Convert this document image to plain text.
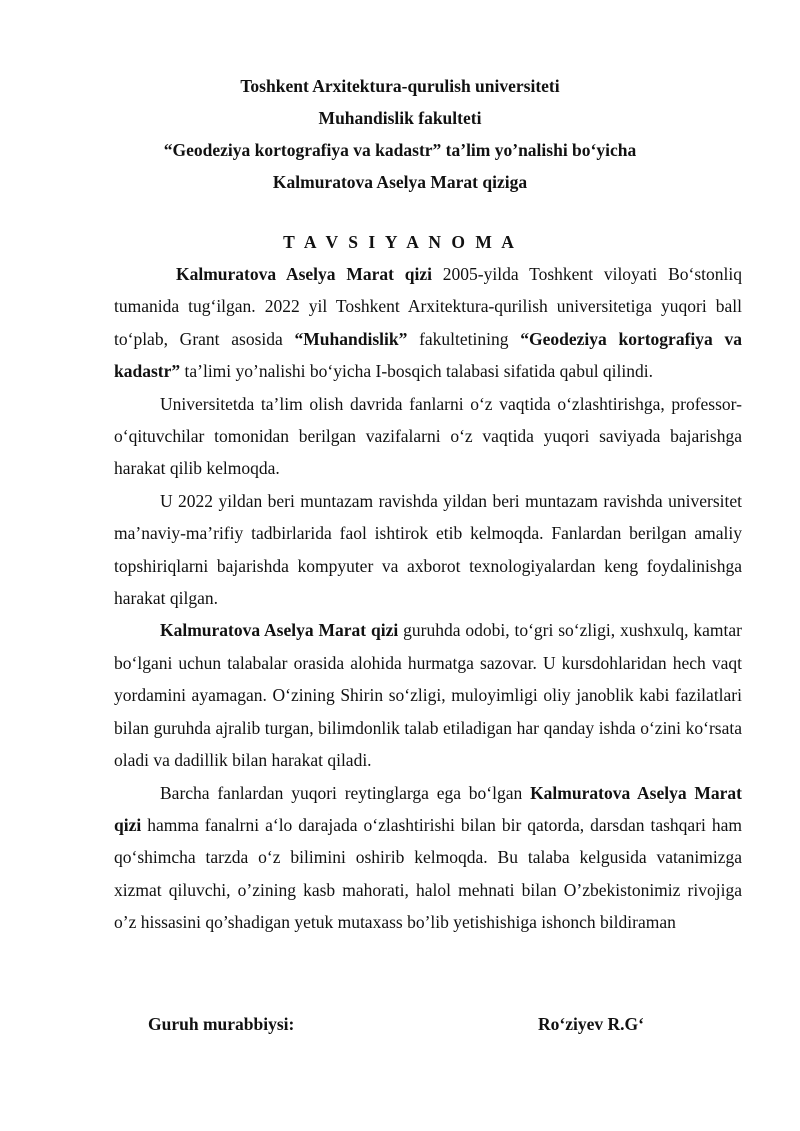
Toshkent Arxitektura-qurulish universiteti
Muhandislik fakulteti
“Geodeziya kortografiya va kadastr” ta’lim yo’nalishi bo‘yicha
Kalmuratova Aselya Marat qiziga
T A V S I Y A N O M A

Kalmuratova Aselya Marat qizi 2005-yilda Toshkent viloyati Bo‘stonliq tumanida tug‘ilgan. 2022 yil Toshkent Arxitektura-qurilish universitetiga yuqori ball to‘plab, Grant asosida “Muhandislik” fakultetining “Geodeziya kortografiya va kadastr” ta’limi yo’nalishi bo‘yicha I-bosqich talabasi sifatida qabul qilindi.

Universitetda ta’lim olish davrida fanlarni o‘z vaqtida o‘zlashtirishga, professor-o‘qituvchilar tomonidan berilgan vazifalarni o‘z vaqtida yuqori saviyada bajarishga harakat qilib kelmoqda.

U 2022 yildan beri muntazam ravishda yildan beri muntazam ravishda universitet ma’naviy-ma’rifiy tadbirlarida faol ishtirok etib kelmoqda. Fanlardan berilgan amaliy topshiriqlarni bajarishda kompyuter va axborot texnologiyalardan keng foydalinishga harakat qilgan.

Kalmuratova Aselya Marat qizi guruhda odobi, to‘gri so‘zligi, xushxulq, kamtar bo‘lgani uchun talabalar orasida alohida hurmatga sazovar. U kursdohlaridan hech vaqt yordamini ayamagan. O‘zining Shirin so‘zligi, muloyimligi oliy janoblik kabi fazilatlari bilan guruhda ajralib turgan, bilimdonlik talab etiladigan har qanday ishda o‘zini ko‘rsata oladi va dadillik bilan harakat qiladi.

Barcha fanlardan yuqori reytinglarga ega bo‘lgan Kalmuratova Aselya Marat qizi hamma fanalrni a‘lo darajada o‘zlashtirishi bilan bir qatorda, darsdan tashqari ham qo‘shimcha tarzda o‘z bilimini oshirib kelmoqda. Bu talaba kelgusida vatanimizga xizmat qiluvchi, o’zining kasb mahorati, halol mehnati bilan O’zbekistonimiz rivojiga o’z hissasini qo’shadigan yetuk mutaxass bo’lib yetishishiga ishonch bildiraman

Guruh murabbiysi:	Ro‘ziyev R.G‘
